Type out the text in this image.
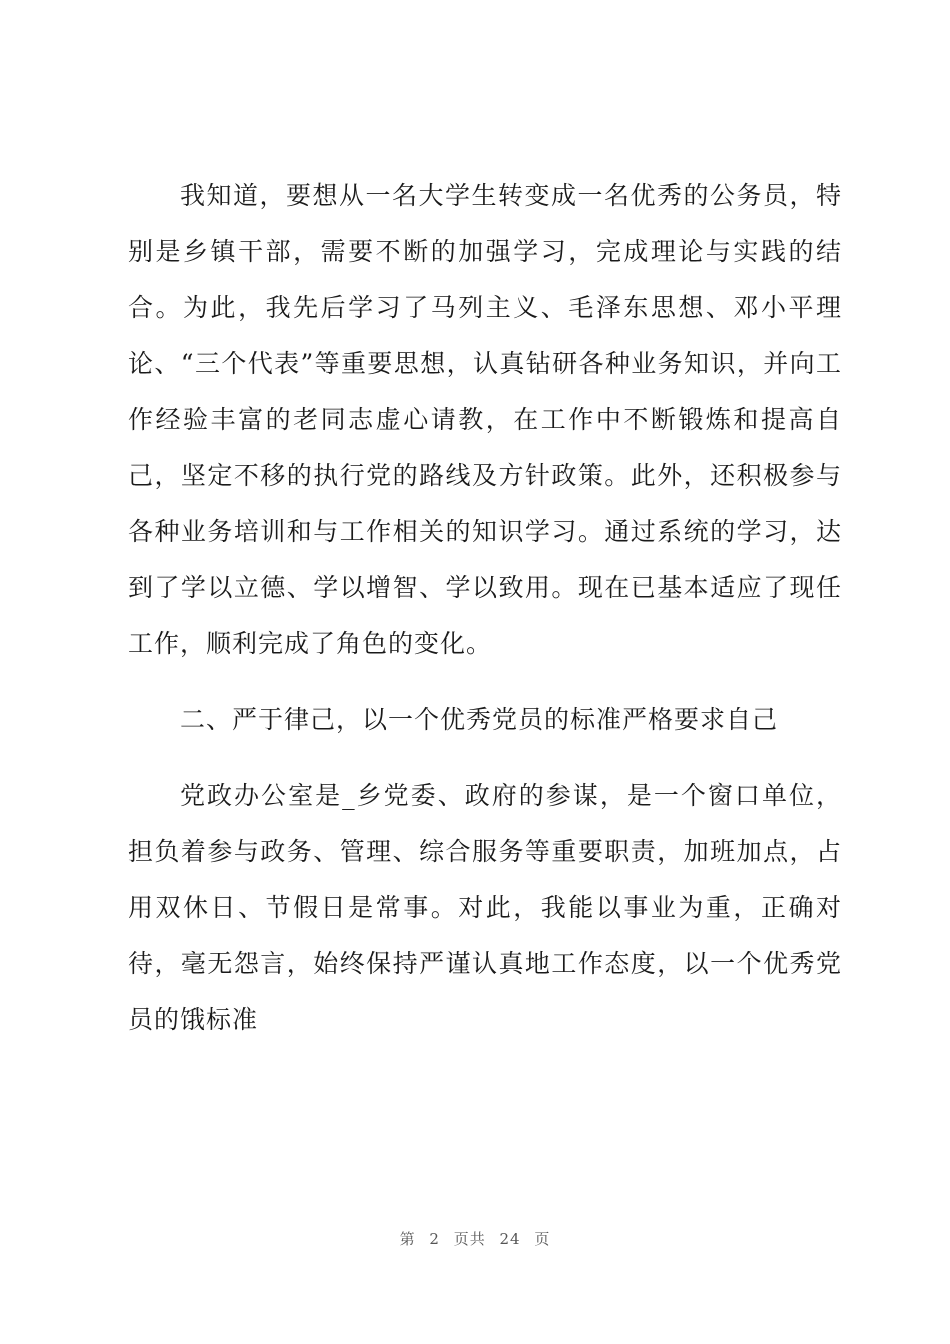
我知道，要想从一名大学生转变成一名优秀的公务员，特别是乡镇干部，需要不断的加强学习，完成理论与实践的结合。为此，我先后学习了马列主义、毛泽东思想、邓小平理论、“三个代表”等重要思想，认真钻研各种业务知识，并向工作经验丰富的老同志虚心请教，在工作中不断锻炼和提高自己，坚定不移的执行党的路线及方针政策。此外，还积极参与各种业务培训和与工作相关的知识学习。通过系统的学习，达到了学以立德、学以增智、学以致用。现在已基本适应了现任工作，顺利完成了角色的变化。

二、严于律己，以一个优秀党员的标准严格要求自己

党政办公室是_乡党委、政府的参谋，是一个窗口单位，担负着参与政务、管理、综合服务等重要职责，加班加点，占用双休日、节假日是常事。对此，我能以事业为重，正确对待，毫无怨言，始终保持严谨认真地工作态度，以一个优秀党员的饿标准

第 2 页共 24 页
